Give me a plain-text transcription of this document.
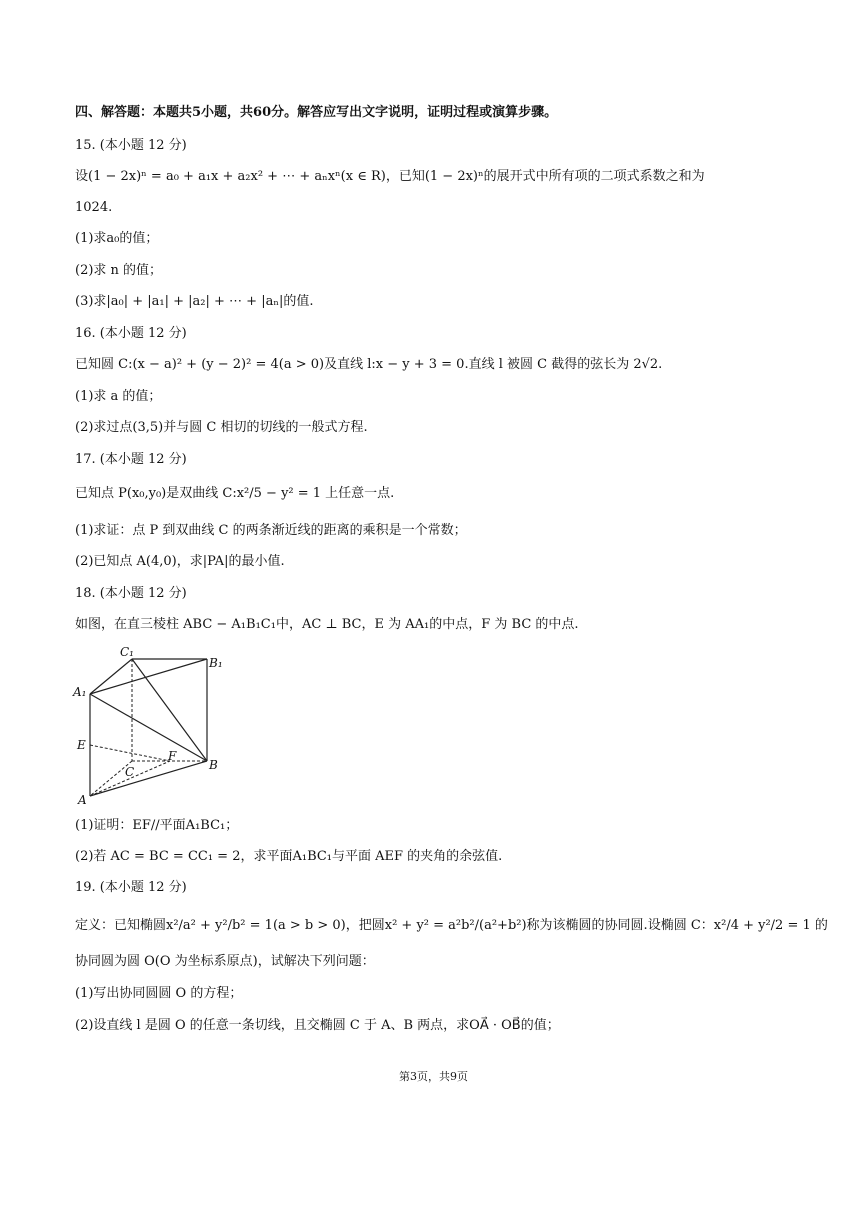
四、解答题：本题共5小题，共60分。解答应写出文字说明，证明过程或演算步骤。
15. (本小题 12 分)
设(1 − 2x)ⁿ = a₀ + a₁x + a₂x² + ⋯ + aₙxⁿ(x ∈ R)，已知(1 − 2x)ⁿ的展开式中所有项的二项式系数之和为
1024.
(1)求a₀的值；
(2)求 n 的值；
(3)求|a₀| + |a₁| + |a₂| + ⋯ + |aₙ|的值.
16. (本小题 12 分)
已知圆 C:(x − a)² + (y − 2)² = 4(a > 0)及直线 l:x − y + 3 = 0.直线 l 被圆 C 截得的弦长为 2√2.
(1)求 a 的值；
(2)求过点(3,5)并与圆 C 相切的切线的一般式方程.
17. (本小题 12 分)
已知点 P(x₀,y₀)是双曲线 C:x²/5 − y² = 1 上任意一点.
(1)求证：点 P 到双曲线 C 的两条渐近线的距离的乘积是一个常数；
(2)已知点 A(4,0)，求|PA|的最小值.
18. (本小题 12 分)
如图，在直三棱柱 ABC − A₁B₁C₁中，AC ⊥ BC，E 为 AA₁的中点，F 为 BC 的中点.
C₁
B₁
A₁
E
F
C	B
A
(1)证明：EF//平面A₁BC₁；
(2)若 AC = BC = CC₁ = 2，求平面A₁BC₁与平面 AEF 的夹角的余弦值.
19. (本小题 12 分)
定义：已知椭圆x²/a² + y²/b² = 1(a > b > 0)，把圆x² + y² = a²b²/(a²+b²)称为该椭圆的协同圆.设椭圆 C：x²/4 + y²/2 = 1 的
协同圆为圆 O(O 为坐标系原点)，试解决下列问题：
(1)写出协同圆圆 O 的方程；
(2)设直线 l 是圆 O 的任意一条切线，且交椭圆 C 于 A、B 两点，求OA⃗ · OB⃗的值；
第3页，共9页
